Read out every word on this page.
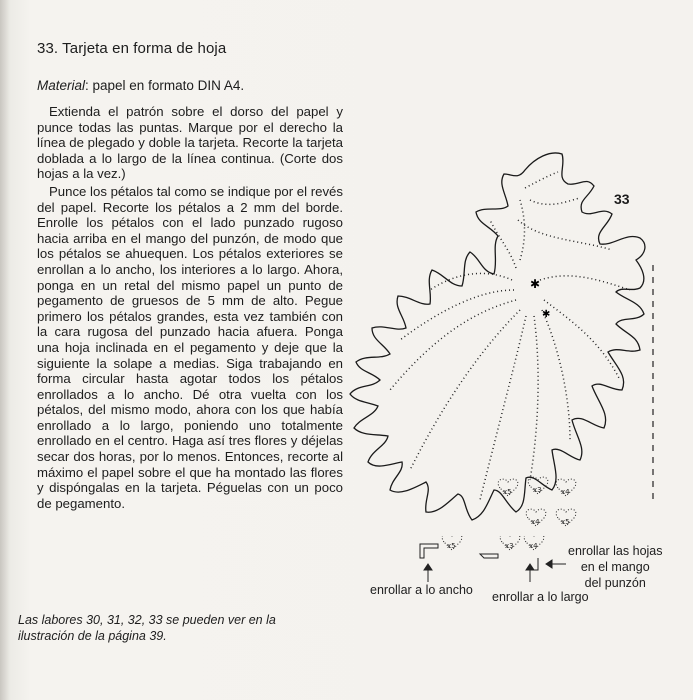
33. Tarjeta en forma de hoja
Material: papel en formato DIN A4.

Extienda el patrón sobre el dorso del papel y punce todas las puntas. Marque por el derecho la línea de plegado y doble la tarjeta. Recorte la tarjeta doblada a lo largo de la línea continua. (Corte dos hojas a la vez.)

Punce los pétalos tal como se indique por el revés del papel. Recorte los pétalos a 2 mm del borde. Enrolle los pétalos con el lado punzado rugoso hacia arriba en el mango del punzón, de modo que los pétalos se ahuequen. Los pétalos exteriores se enrollan a lo ancho, los interiores a lo largo. Ahora, ponga en un retal del mismo papel un punto de pegamento de gruesos de 5 mm de alto. Pegue primero los pétalos grandes, esta vez también con la cara rugosa del punzado hacia afuera. Ponga una hoja inclinada en el pegamento y deje que la siguiente la solape a medias. Siga trabajando en forma circular hasta agotar todos los pétalos enrollados a lo ancho. Dé otra vuelta con los pétalos, del mismo modo, ahora con los que había enrollado a lo largo, poniendo uno totalmente enrollado en el centro. Haga así tres flores y déjelas secar dos horas, por lo menos. Entonces, recorte al máximo el papel sobre el que ha montado las flores y dispóngalas en la tarjeta. Péguelas con un poco de pegamento.

Las labores 30, 31, 32, 33 se pueden ver en la ilustración de la página 39.
33
✱
✱
x5	x3	x4
x4	x5
x5	x3 x4
enrollar a lo ancho enrollar a lo largo
enrollar las hojas
en el mango
del punzón
